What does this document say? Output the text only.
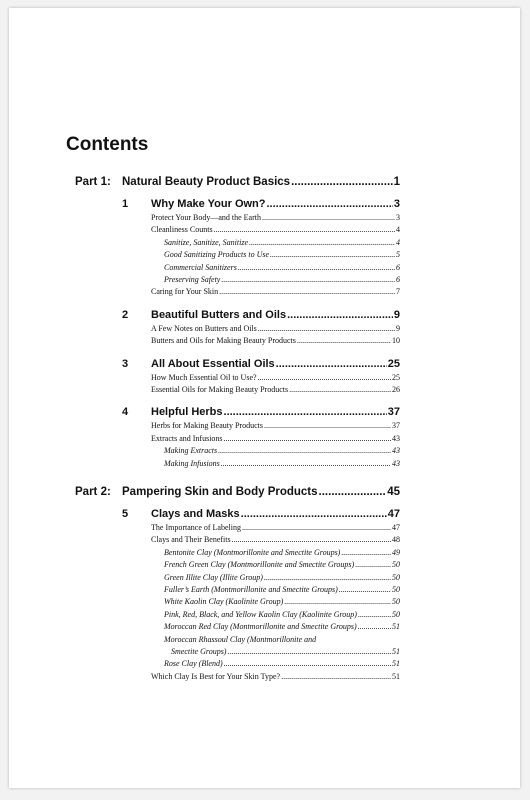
Contents
Part 1: Natural Beauty Product Basics .....	1
1 Why Make Your Own? .....	3
Protect Your Body—and the Earth .....	3
Cleanliness Counts .....	4
Sanitize, Sanitize, Sanitize .....	4
Good Sanitizing Products to Use .....	5
Commercial Sanitizers .....	6
Preserving Safety .....	6
Caring for Your Skin .....	7
2 Beautiful Butters and Oils .....	9
A Few Notes on Butters and Oils .....	9
Butters and Oils for Making Beauty Products .....	10
3 All About Essential Oils .....	25
How Much Essential Oil to Use? .....	25
Essential Oils for Making Beauty Products .....	26
4 Helpful Herbs .....	37
Herbs for Making Beauty Products .....	37
Extracts and Infusions .....	43
Making Extracts .....	43
Making Infusions .....	43
Part 2: Pampering Skin and Body Products .....	45
5 Clays and Masks .....	47
The Importance of Labeling .....	47
Clays and Their Benefits .....	48
Bentonite Clay (Montmorillonite and Smectite Groups) .....	49
French Green Clay (Montmorillonite and Smectite Groups) .....	50
Green Illite Clay (Illite Group) .....	50
Fuller’s Earth (Montmorillonite and Smectite Groups) .....	50
White Kaolin Clay (Kaolinite Group) .....	50
Pink, Red, Black, and Yellow Kaolin Clay (Kaolinite Group) .....	50
Moroccan Red Clay (Montmorillonite and Smectite Groups) .....	51
Moroccan Rhassoul Clay (Montmorillonite and
Smectite Groups) .....	51
Rose Clay (Blend) .....	51
Which Clay Is Best for Your Skin Type? .....	51
